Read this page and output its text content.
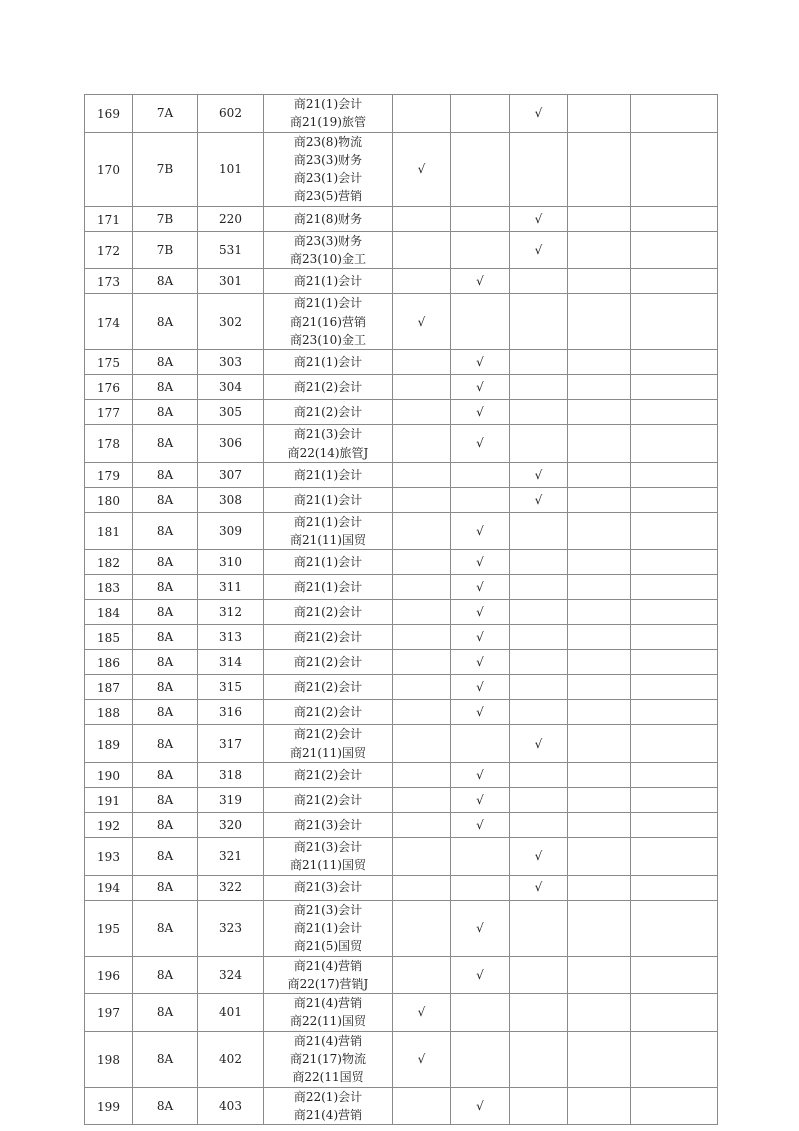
169	7A	602	商21(1)会计
商21(19)旅管			√		
170	7B	101	商23(8)物流
商23(3)财务
商23(1)会计
商23(5)营销	√				
171	7B	220	商21(8)财务			√		
172	7B	531	商23(3)财务
商23(10)金工			√		
173	8A	301	商21(1)会计		√			
174	8A	302	商21(1)会计
商21(16)营销
商23(10)金工	√				
175	8A	303	商21(1)会计		√			
176	8A	304	商21(2)会计		√			
177	8A	305	商21(2)会计		√			
178	8A	306	商21(3)会计
商22(14)旅管J		√			
179	8A	307	商21(1)会计			√		
180	8A	308	商21(1)会计			√		
181	8A	309	商21(1)会计
商21(11)国贸		√			
182	8A	310	商21(1)会计		√			
183	8A	311	商21(1)会计		√			
184	8A	312	商21(2)会计		√			
185	8A	313	商21(2)会计		√			
186	8A	314	商21(2)会计		√			
187	8A	315	商21(2)会计		√			
188	8A	316	商21(2)会计		√			
189	8A	317	商21(2)会计
商21(11)国贸			√		
190	8A	318	商21(2)会计		√			
191	8A	319	商21(2)会计		√			
192	8A	320	商21(3)会计		√			
193	8A	321	商21(3)会计
商21(11)国贸			√		
194	8A	322	商21(3)会计			√		
195	8A	323	商21(3)会计
商21(1)会计
商21(5)国贸		√			
196	8A	324	商21(4)营销
商22(17)营销J		√			
197	8A	401	商21(4)营销
商22(11)国贸	√				
198	8A	402	商21(4)营销
商21(17)物流
商22(11国贸	√				
199	8A	403	商22(1)会计
商21(4)营销		√			
